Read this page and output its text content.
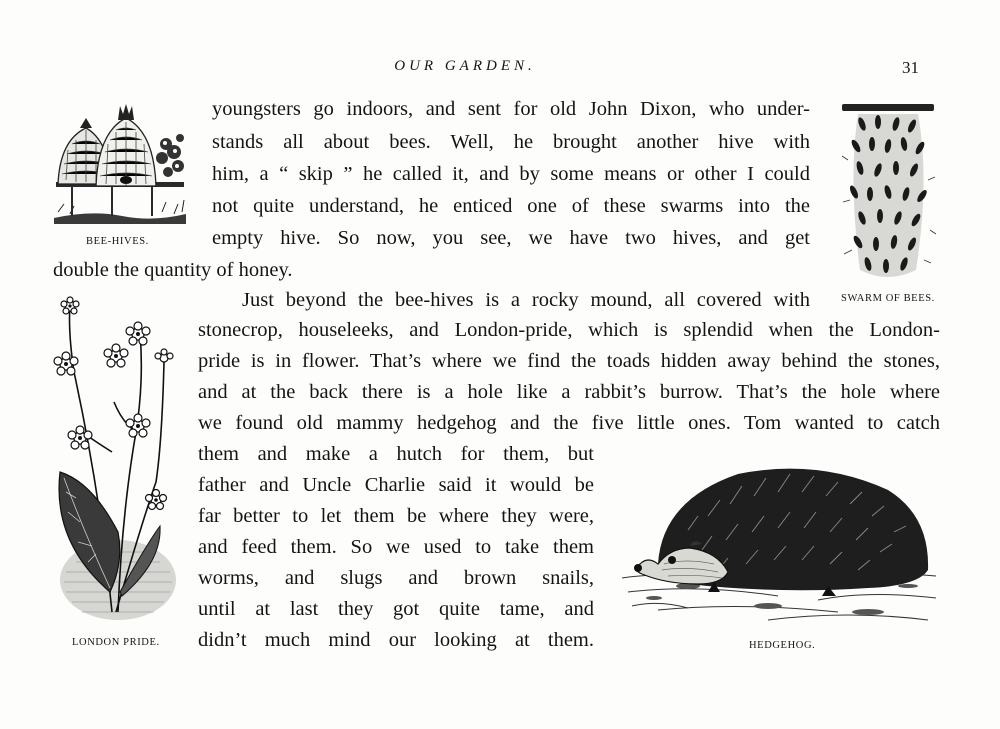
OUR GARDEN.	31
youngsters go indoors, and sent for old John Dixon, who under-
stands all about bees. Well, he brought another hive with
him, a “ skip ” he called it, and by some means or other I could
not quite understand, he enticed one of these swarms into the
empty hive. So now, you see, we have two hives, and get
double the quantity of honey.
Just beyond the bee-hives is a rocky mound, all covered with
stonecrop, houseleeks, and London-pride, which is splendid when the London-
pride is in flower. That’s where we find the toads hidden away behind the stones,
and at the back there is a hole like a rabbit’s burrow. That’s the hole where
we found old mammy hedgehog and the five little ones. Tom wanted to catch
them and make a hutch for them, but
father and Uncle Charlie said it would be
far better to let them be where they were,
and feed them. So we used to take them
worms, and slugs and brown snails,
until at last they got quite tame, and
didn’t much mind our looking at them.
BEE-HIVES.
SWARM OF BEES.
LONDON PRIDE.	HEDGEHOG.
